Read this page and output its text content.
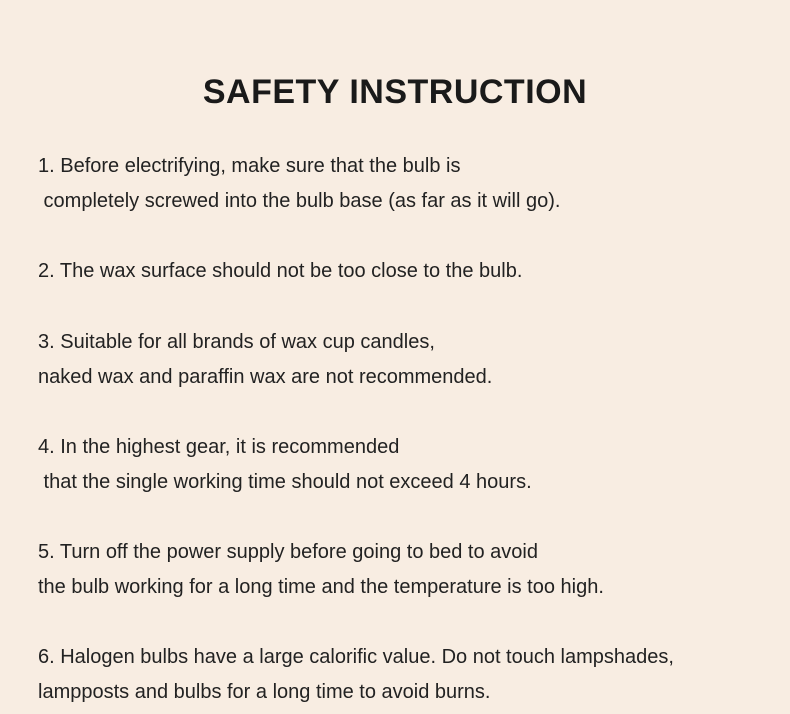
SAFETY INSTRUCTION
1. Before electrifying, make sure that the bulb is
completely screwed into the bulb base (as far as it will go).
2. The wax surface should not be too close to the bulb.
3. Suitable for all brands of wax cup candles,
naked wax and paraffin wax are not recommended.
4. In the highest gear, it is recommended
that the single working time should not exceed 4 hours.
5. Turn off the power supply before going to bed to avoid
the bulb working for a long time and the temperature is too high.
6. Halogen bulbs have a large calorific value. Do not touch lampshades,
lampposts and bulbs for a long time to avoid burns.
